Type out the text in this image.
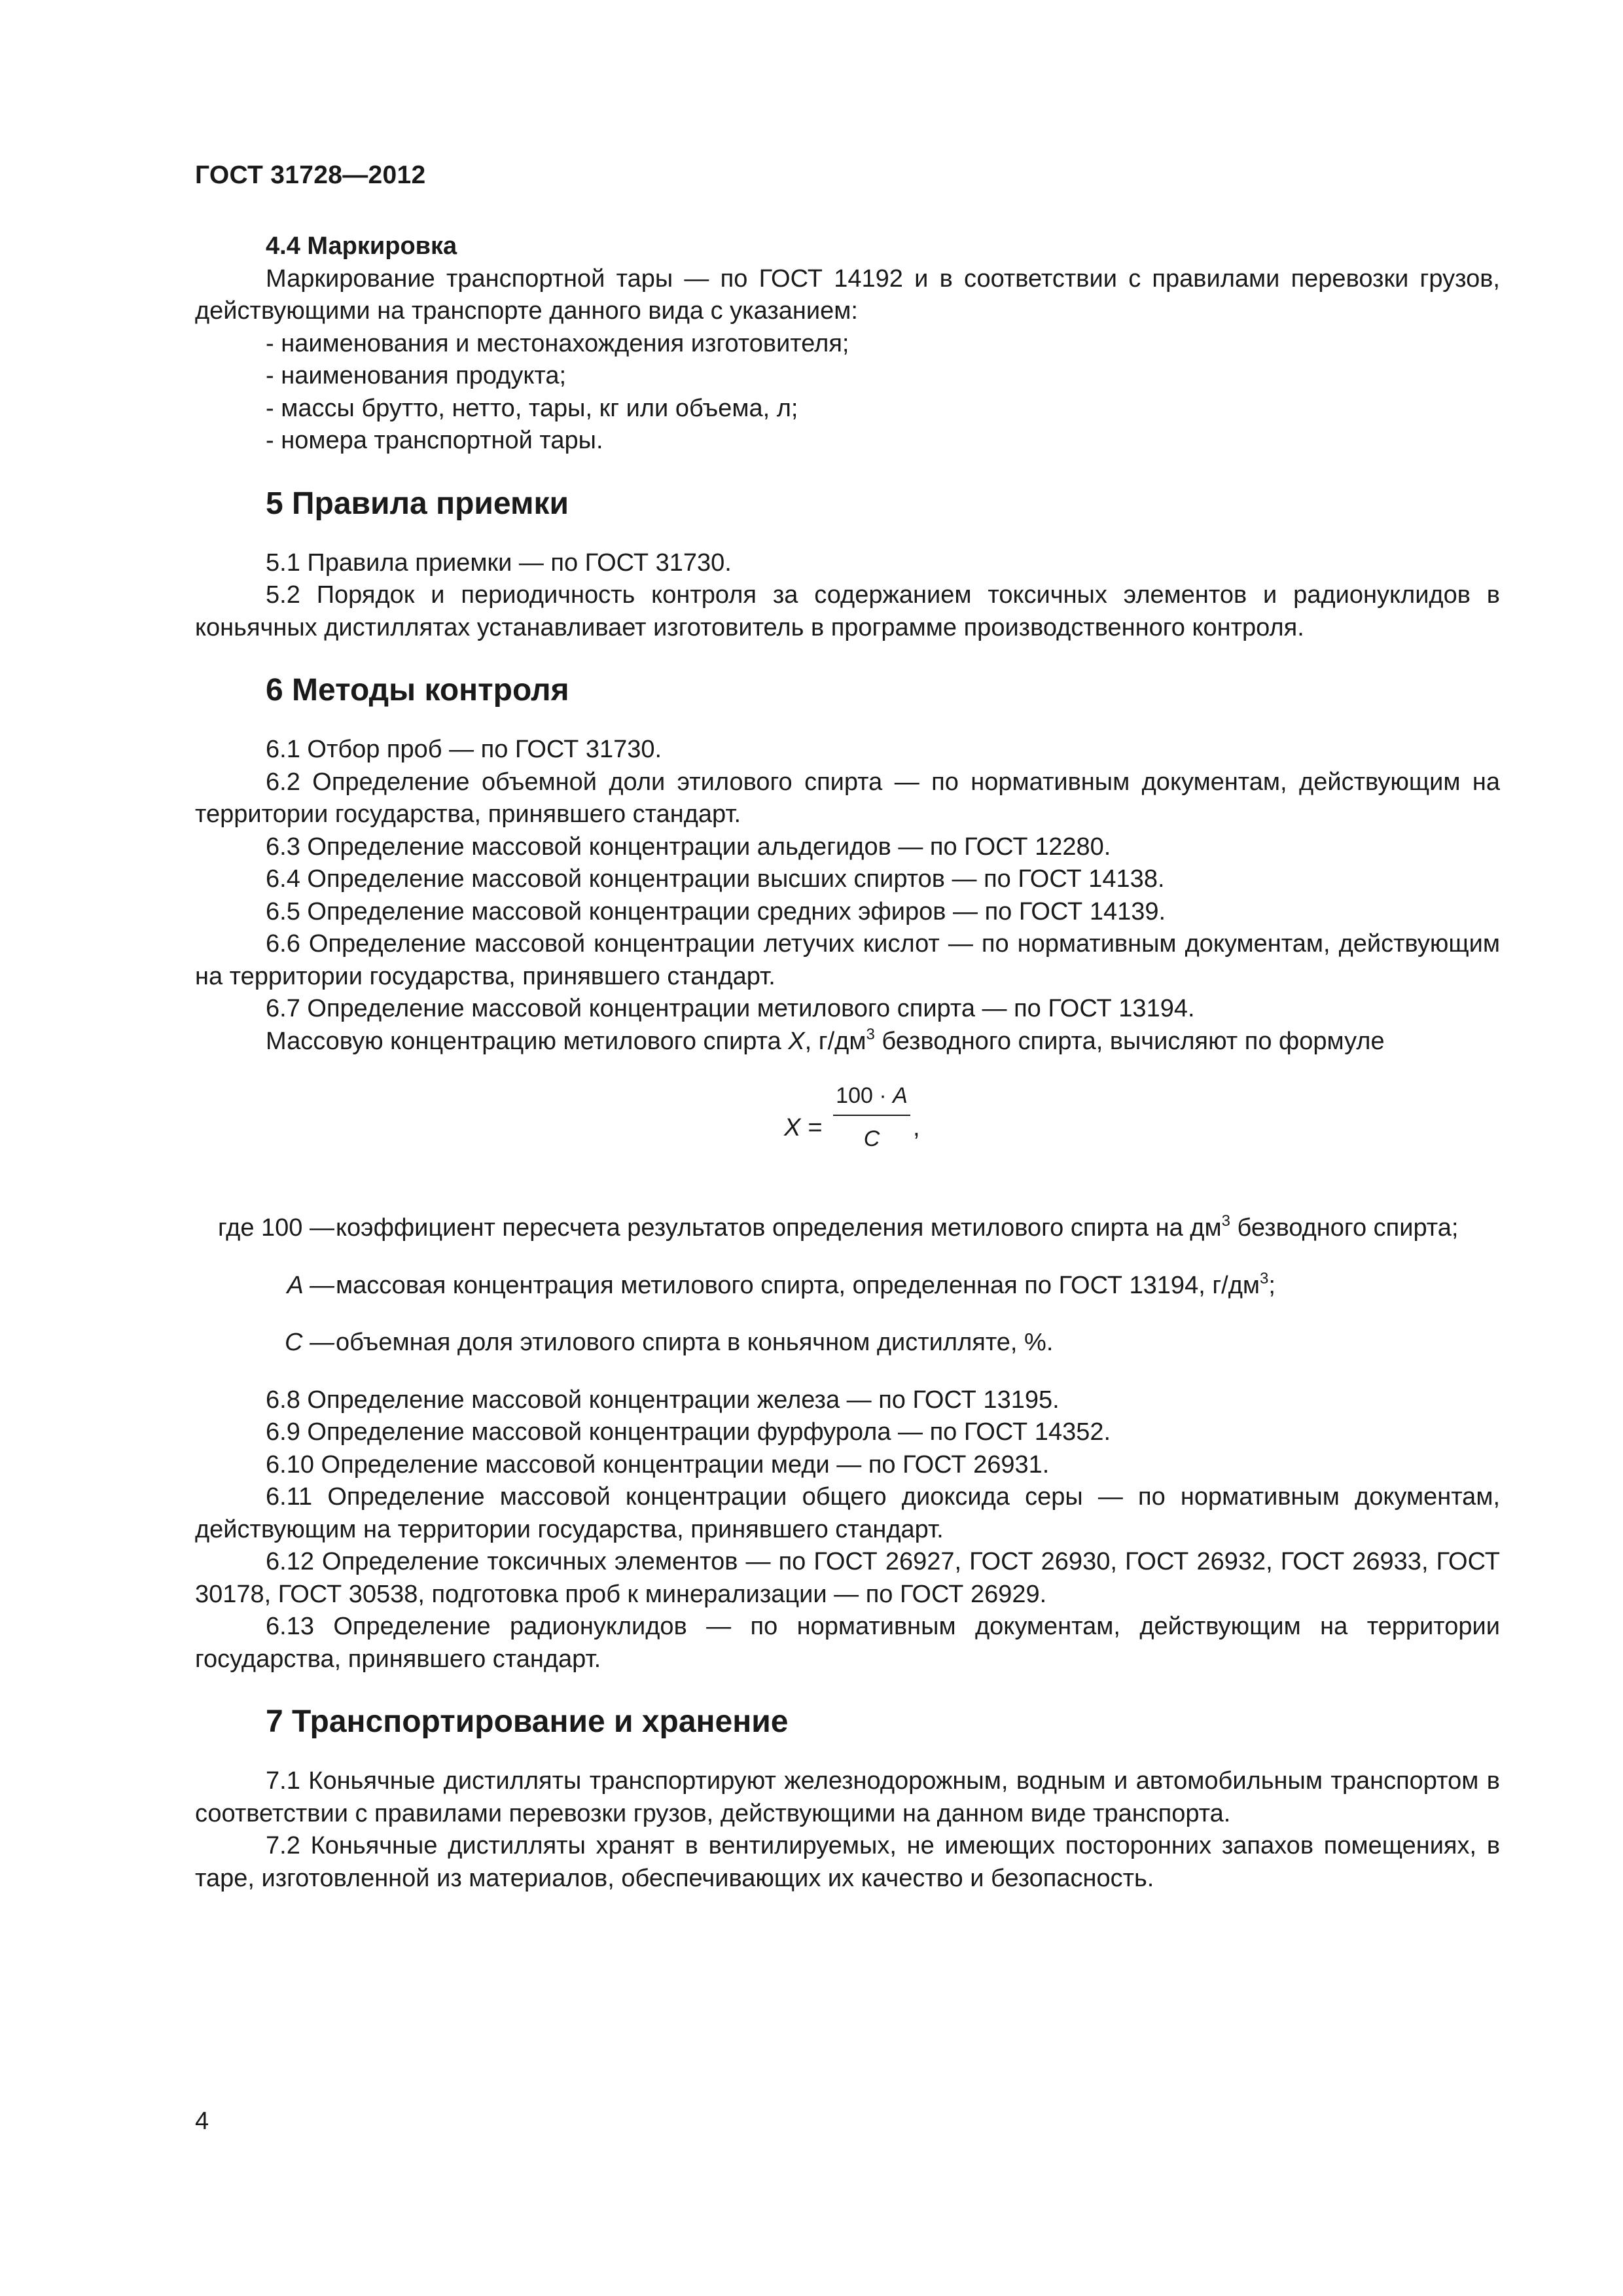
ГОСТ 31728—2012

4.4 Маркировка

Маркирование транспортной тары — по ГОСТ 14192 и в соответствии с правилами перевозки грузов, действующими на транспорте данного вида с указанием:

- наименования и местонахождения изготовителя;

- наименования продукта;

- массы брутто, нетто, тары, кг или объема, л;

- номера транспортной тары.

5 Правила приемки

5.1 Правила приемки — по ГОСТ 31730.

5.2 Порядок и периодичность контроля за содержанием токсичных элементов и радионуклидов в коньячных дистиллятах устанавливает изготовитель в программе производственного контроля.

6 Методы контроля

6.1 Отбор проб — по ГОСТ 31730.

6.2 Определение объемной доли этилового спирта — по нормативным документам, действующим на территории государства, принявшего стандарт.

6.3 Определение массовой концентрации альдегидов — по ГОСТ 12280.

6.4 Определение массовой концентрации высших спиртов — по ГОСТ 14138.

6.5 Определение массовой концентрации средних эфиров — по ГОСТ 14139.

6.6 Определение массовой концентрации летучих кислот — по нормативным документам, действующим на территории государства, принявшего стандарт.

6.7 Определение массовой концентрации метилового спирта — по ГОСТ 13194.

Массовую концентрацию метилового спирта X, $г/дм^3$ безводного спирта, вычисляют по формуле

X =
100 · A
C	,
где 100 — коэффициент пересчета результатов определения метилового спирта на $дм^3$ безводного спирта;

A — массовая концентрация метилового спирта, определенная по ГОСТ 13194, $г/дм^3$;

C — объемная доля этилового спирта в коньячном дистилляте, %.

6.8 Определение массовой концентрации железа — по ГОСТ 13195.

6.9 Определение массовой концентрации фурфурола — по ГОСТ 14352.

6.10 Определение массовой концентрации меди — по ГОСТ 26931.

6.11 Определение массовой концентрации общего диоксида серы — по нормативным документам, действующим на территории государства, принявшего стандарт.

6.12 Определение токсичных элементов — по ГОСТ 26927, ГОСТ 26930, ГОСТ 26932, ГОСТ 26933, ГОСТ 30178, ГОСТ 30538, подготовка проб к минерализации — по ГОСТ 26929.

6.13 Определение радионуклидов — по нормативным документам, действующим на территории государства, принявшего стандарт.

7 Транспортирование и хранение

7.1 Коньячные дистилляты транспортируют железнодорожным, водным и автомобильным транспортом в соответствии с правилами перевозки грузов, действующими на данном виде транспорта.

7.2 Коньячные дистилляты хранят в вентилируемых, не имеющих посторонних запахов помещениях, в таре, изготовленной из материалов, обеспечивающих их качество и безопасность.

4
